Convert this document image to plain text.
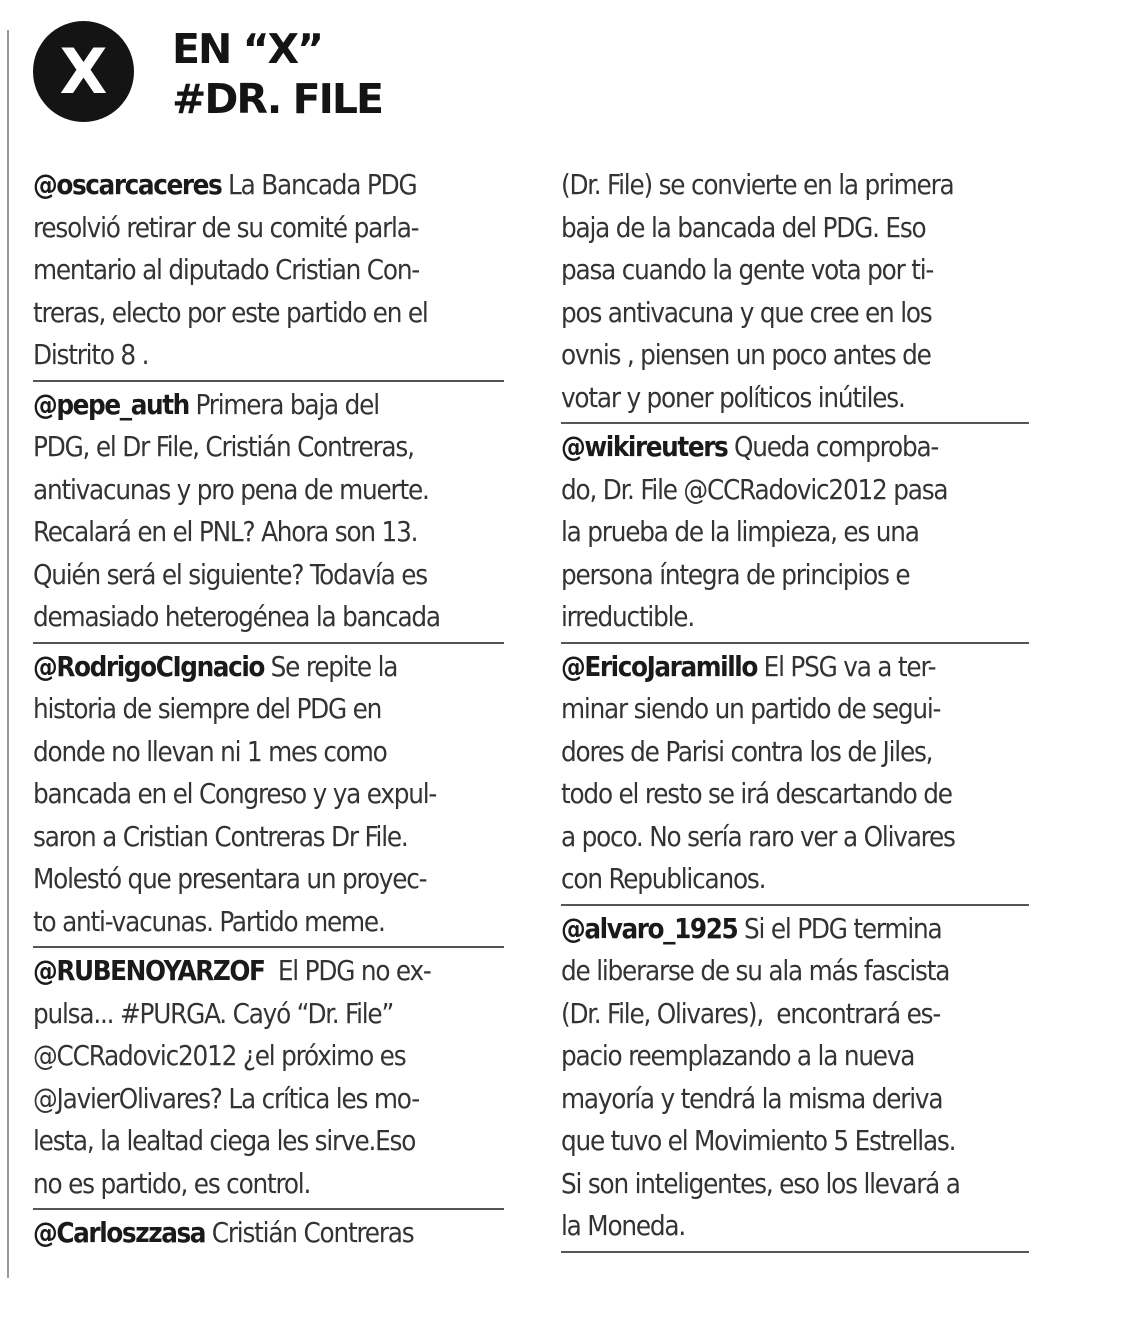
X EN “X”
#DR. FILE
@oscarcaceres La Bancada PDG
resolvió retirar de su comité parla-
mentario al diputado Cristian Con-
treras, electo por este partido en el
Distrito 8 .
@pepe_auth Primera baja del
PDG, el Dr File, Cristián Contreras,
antivacunas y pro pena de muerte.
Recalará en el PNL? Ahora son 13.
Quién será el siguiente? Todavía es
demasiado heterogénea la bancada
@RodrigoCIgnacio Se repite la
historia de siempre del PDG en
donde no llevan ni 1 mes como
bancada en el Congreso y ya expul-
saron a Cristian Contreras Dr File.
Molestó que presentara un proyec-
to anti-vacunas. Partido meme.
@RUBENOYARZOF  El PDG no ex-
pulsa... #PURGA. Cayó “Dr. File”
@CCRadovic2012 ¿el próximo es
@JavierOlivares? La crítica les mo-
lesta, la lealtad ciega les sirve.Eso
no es partido, es control.
@Carloszzasa Cristián Contreras
(Dr. File) se convierte en la primera
baja de la bancada del PDG. Eso
pasa cuando la gente vota por ti-
pos antivacuna y que cree en los
ovnis , piensen un poco antes de
votar y poner políticos inútiles.
@wikireuters Queda comproba-
do, Dr. File @CCRadovic2012 pasa
la prueba de la limpieza, es una
persona íntegra de principios e
irreductible.
@EricoJaramillo El PSG va a ter-
minar siendo un partido de segui-
dores de Parisi contra los de Jiles,
todo el resto se irá descartando de
a poco. No sería raro ver a Olivares
con Republicanos.
@alvaro_1925 Si el PDG termina
de liberarse de su ala más fascista
(Dr. File, Olivares),  encontrará es-
pacio reemplazando a la nueva
mayoría y tendrá la misma deriva
que tuvo el Movimiento 5 Estrellas.
Si son inteligentes, eso los llevará a
la Moneda.
